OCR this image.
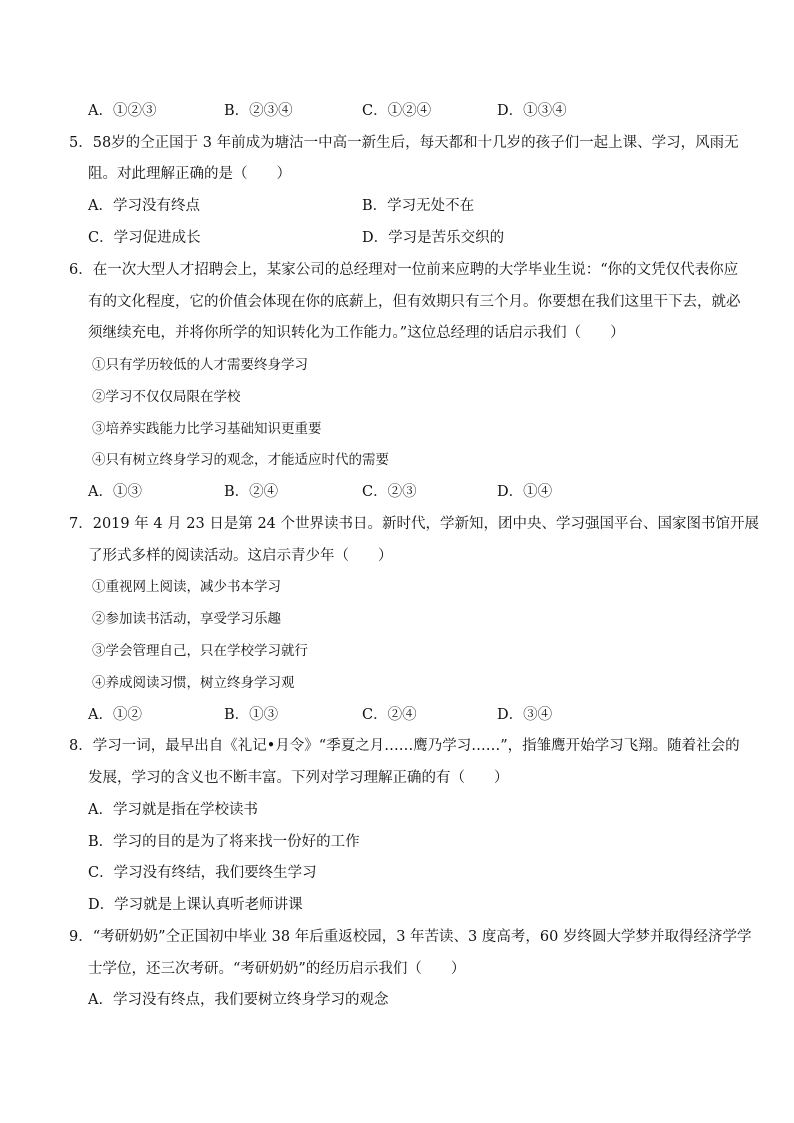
A．①②③	B．②③④	C．①②④	D．①③④
5．58岁的仝正国于 3 年前成为塘沽一中高一新生后，每天都和十几岁的孩子们一起上课、学习，风雨无
阻。对此理解正确的是（　　）
A．学习没有终点	B．学习无处不在
C．学习促进成长	D．学习是苦乐交织的
6．在一次大型人才招聘会上，某家公司的总经理对一位前来应聘的大学毕业生说：“你的文凭仅代表你应
有的文化程度，它的价值会体现在你的底薪上，但有效期只有三个月。你要想在我们这里干下去，就必
须继续充电，并将你所学的知识转化为工作能力。”这位总经理的话启示我们（　　）
①只有学历较低的人才需要终身学习
②学习不仅仅局限在学校
③培养实践能力比学习基础知识更重要
④只有树立终身学习的观念，才能适应时代的需要
A．①③	B．②④	C．②③	D．①④
7．2019 年 4 月 23 日是第 24 个世界读书日。新时代，学新知，团中央、学习强国平台、国家图书馆开展
了形式多样的阅读活动。这启示青少年（　　）
①重视网上阅读，减少书本学习
②参加读书活动，享受学习乐趣
③学会管理自己，只在学校学习就行
④养成阅读习惯，树立终身学习观
A．①②	B．①③	C．②④	D．③④
8．学习一词，最早出自《礼记•月令》“季夏之月……鹰乃学习……”，指雏鹰开始学习飞翔。随着社会的
发展，学习的含义也不断丰富。下列对学习理解正确的有（　　）
A．学习就是指在学校读书
B．学习的目的是为了将来找一份好的工作
C．学习没有终结，我们要终生学习
D．学习就是上课认真听老师讲课
9．“考研奶奶”仝正国初中毕业 38 年后重返校园，3 年苦读、3 度高考，60 岁终圆大学梦并取得经济学学
士学位，还三次考研。“考研奶奶”的经历启示我们（　　）
A．学习没有终点，我们要树立终身学习的观念
